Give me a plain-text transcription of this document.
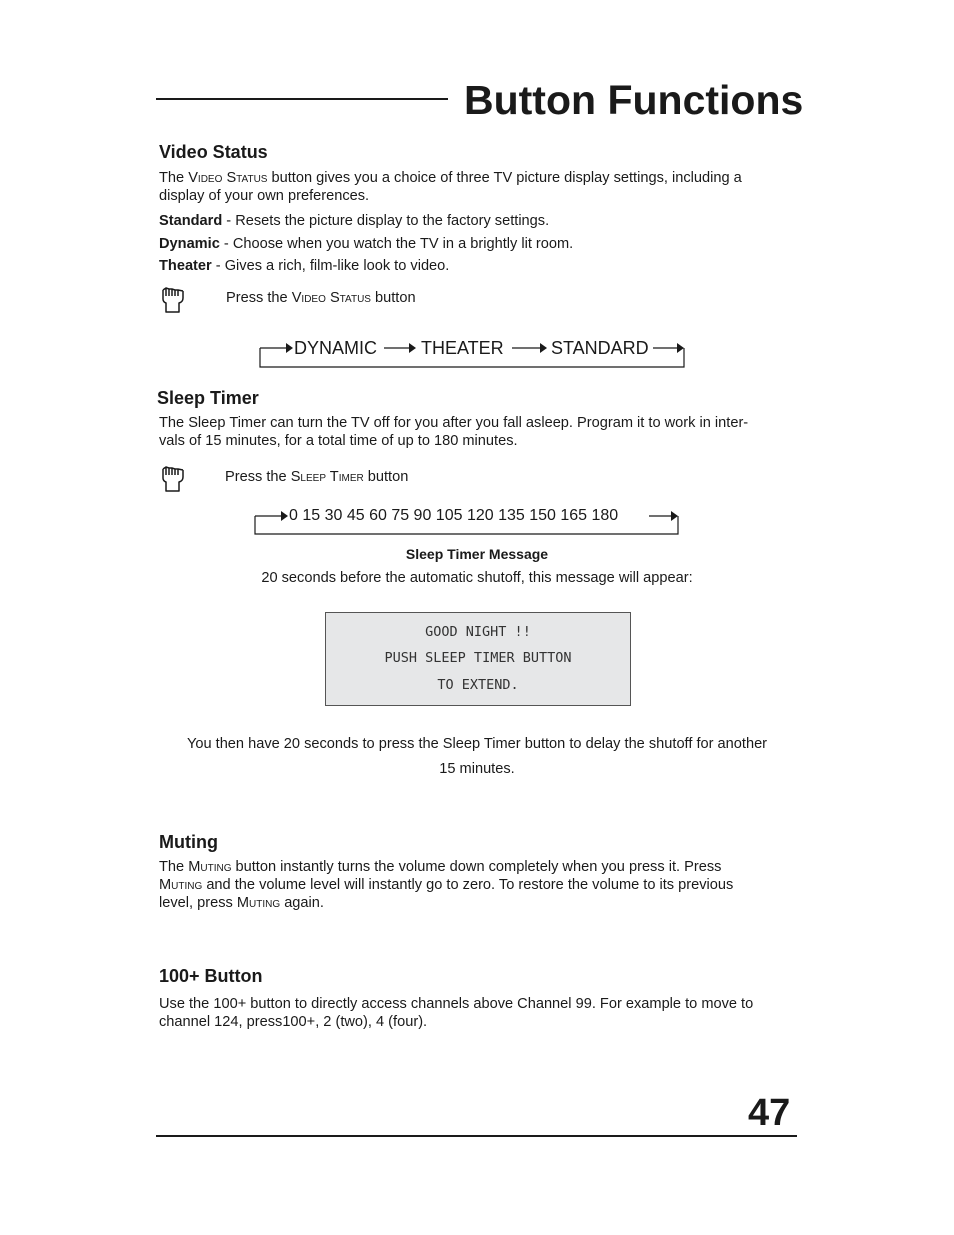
Button Functions
Video Status
The Video Status button gives you a choice of three TV picture display settings, including a
display of your own preferences.
Standard - Resets the picture display to the factory settings.
Dynamic - Choose when you watch the TV in a brightly lit room.
Theater - Gives a rich, film-like look to video.
Press the Video Status button
DYNAMIC THEATER	STANDARD
Sleep Timer
The Sleep Timer can turn the TV off for you after you fall asleep. Program it to work in inter-
vals of 15 minutes, for a total time of up to 180 minutes.
Press the Sleep Timer button
0 15 30 45 60 75 90 105 120 135 150 165 180
Sleep Timer Message
20 seconds before the automatic shutoff, this message will appear:
GOOD NIGHT !!
PUSH SLEEP TIMER BUTTON
TO EXTEND.
You then have 20 seconds to press the Sleep Timer button to delay the shutoff for another
15 minutes.
Muting
The Muting button instantly turns the volume down completely when you press it. Press
Muting and the volume level will instantly go to zero. To restore the volume to its previous
level, press Muting again.
100+ Button
Use the 100+ button to directly access channels above Channel 99. For example to move to
channel 124, press100+, 2 (two), 4 (four).
47
